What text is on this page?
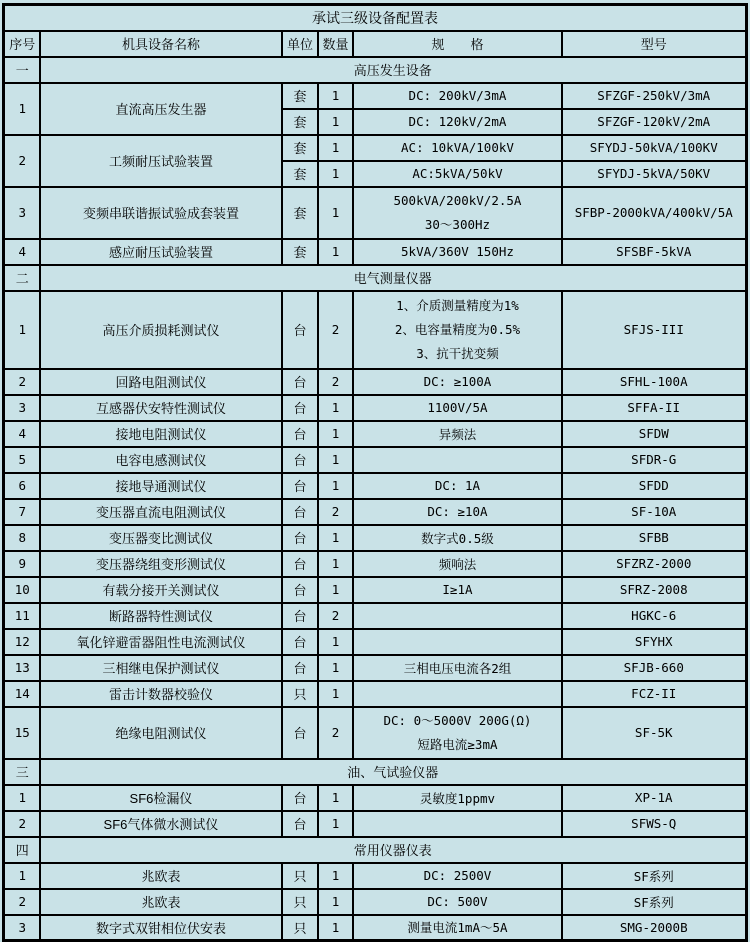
承试三级设备配置表					
序号	机具设备名称	单位	数量	规　　格	型号
一	高压发生设备				
1	直流高压发生器	套	1	DC: 200kV/3mA	SFZGF-250kV/3mA
		套	1	DC: 120kV/2mA	SFZGF-120kV/2mA
2	工频耐压试验装置	套	1	AC: 10kVA/100kV	SFYDJ-50kVA/100KV
		套	1	AC:5kVA/50kV	SFYDJ-5kVA/50KV
3	变频串联谐振试验成套装置	套	1	500kVA/200kV/2.5A
30～300Hz	SFBP-2000kVA/400kV/5A
4	感应耐压试验装置	套	1	5kVA/360V 150Hz	SFSBF-5kVA
二	电气测量仪器				
1	高压介质损耗测试仪	台	2	1、介质测量精度为1%
2、电容量精度为0.5%
3、抗干扰变频	SFJS-III
2	回路电阻测试仪	台	2	DC: ≥100A	SFHL-100A
3	互感器伏安特性测试仪	台	1	1100V/5A	SFFA-II
4	接地电阻测试仪	台	1	异频法	SFDW
5	电容电感测试仪	台	1		SFDR-G
6	接地导通测试仪	台	1	DC: 1A	SFDD
7	变压器直流电阻测试仪	台	2	DC: ≥10A	SF-10A
8	变压器变比测试仪	台	1	数字式0.5级	SFBB
9	变压器绕组变形测试仪	台	1	频响法	SFZRZ-2000
10	有载分接开关测试仪	台	1	I≥1A	SFRZ-2008
11	断路器特性测试仪	台	2		HGKC-6
12	氧化锌避雷器阻性电流测试仪	台	1		SFYHX
13	三相继电保护测试仪	台	1	三相电压电流各2组	SFJB-660
14	雷击计数器校验仪	只	1		FCZ-II
15	绝缘电阻测试仪	台	2	DC: 0～5000V 200G(Ω)
短路电流≥3mA	SF-5K
三	油、气试验仪器				
1	SF6检漏仪	台	1	灵敏度1ppmv	XP-1A
2	SF6气体微水测试仪	台	1		SFWS-Q
四	常用仪器仪表				
1	兆欧表	只	1	DC: 2500V	SF系列
2	兆欧表	只	1	DC: 500V	SF系列
3	数字式双钳相位伏安表	只	1	测量电流1mA～5A	SMG-2000B
